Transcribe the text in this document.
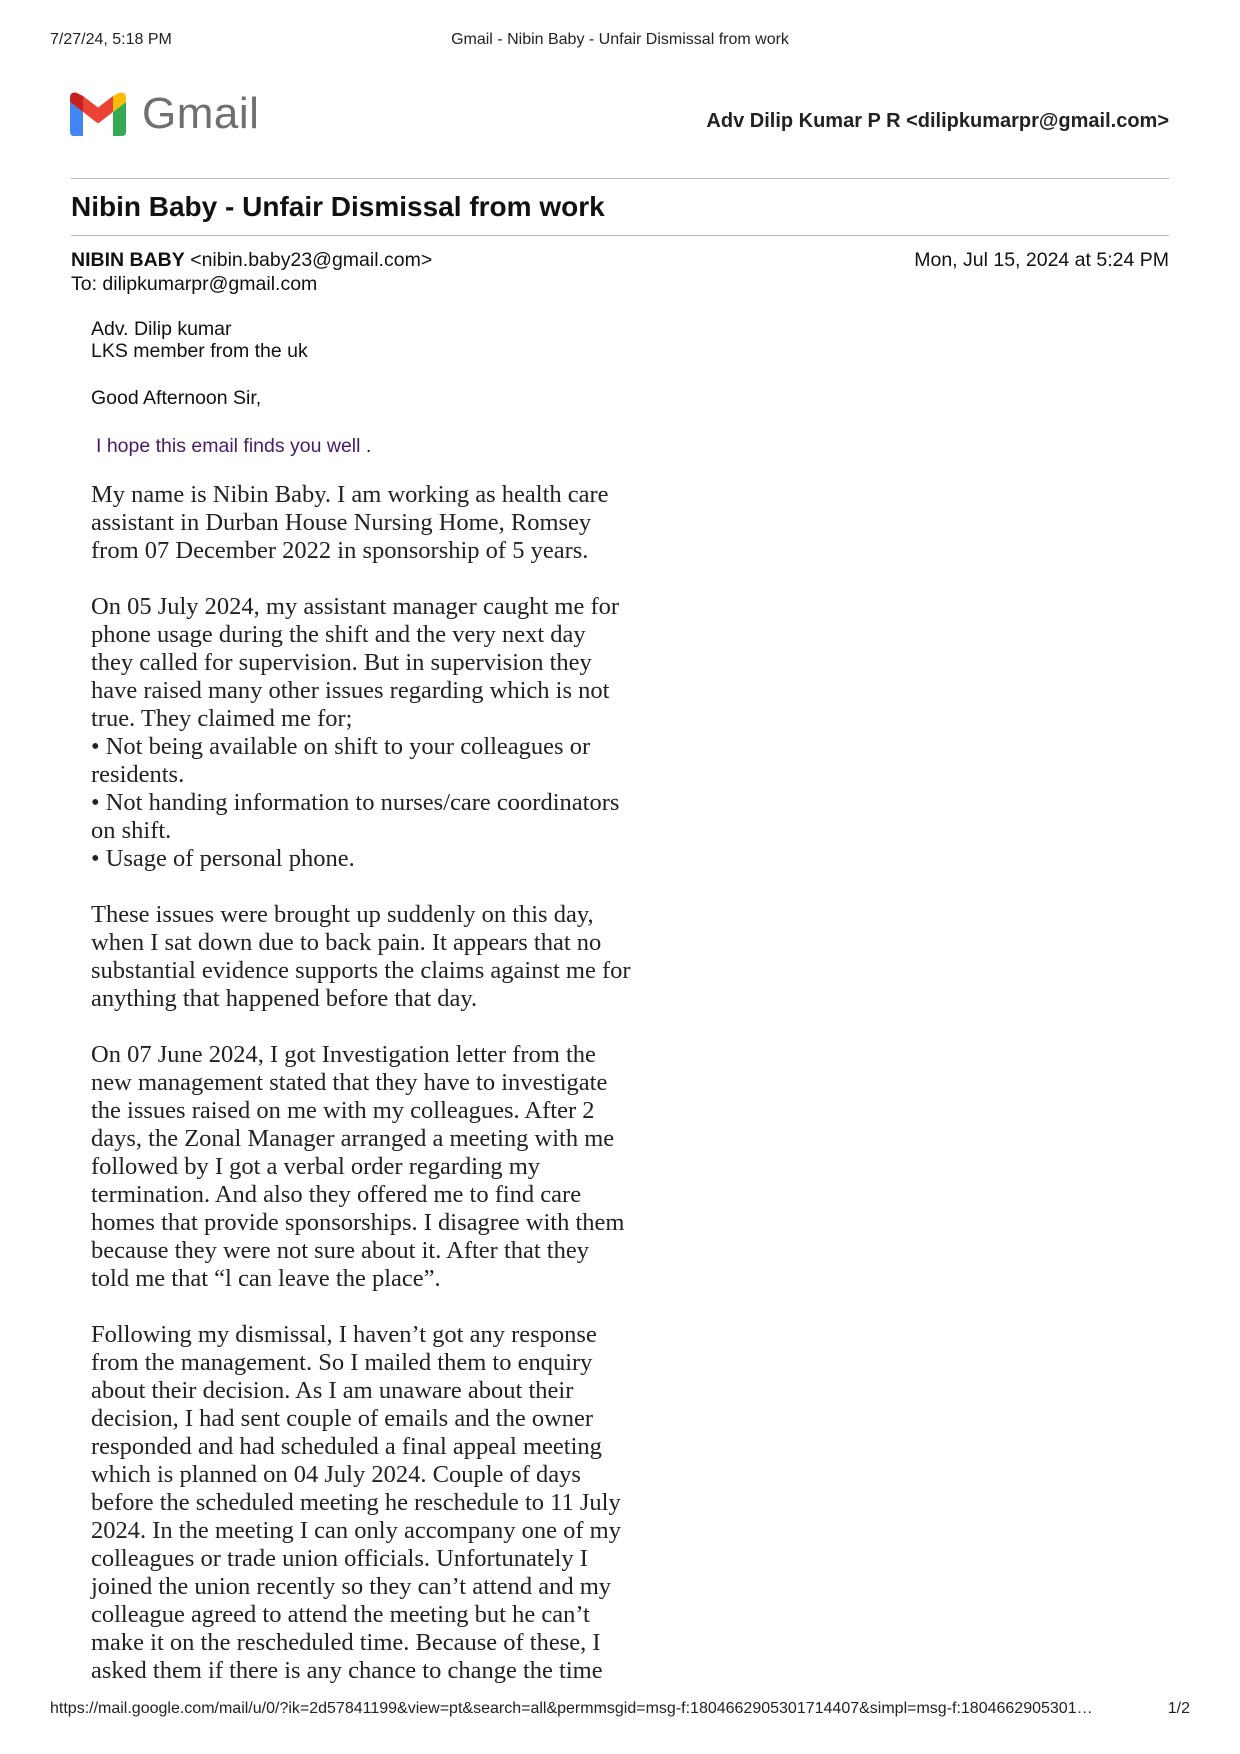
7/27/24, 5:18 PM	Gmail - Nibin Baby - Unfair Dismissal from work
Gmail	Adv Dilip Kumar P R <dilipkumarpr@gmail.com>
Nibin Baby - Unfair Dismissal from work
NIBIN BABY <nibin.baby23@gmail.com>	Mon, Jul 15, 2024 at 5:24 PM
To: dilipkumarpr@gmail.com
Adv. Dilip kumar
LKS member from the uk
Good Afternoon Sir,
I hope this email finds you well .
My name is Nibin Baby. I am working as health care
assistant in Durban House Nursing Home, Romsey
from 07 December 2022 in sponsorship of 5 years.
On 05 July 2024, my assistant manager caught me for
phone usage during the shift and the very next day
they called for supervision. But in supervision they
have raised many other issues regarding which is not
true. They claimed me for;
• Not being available on shift to your colleagues or
residents.
• Not handing information to nurses/care coordinators
on shift.
• Usage of personal phone.
These issues were brought up suddenly on this day,
when I sat down due to back pain. It appears that no
substantial evidence supports the claims against me for
anything that happened before that day.
On 07 June 2024, I got Investigation letter from the
new management stated that they have to investigate
the issues raised on me with my colleagues. After 2
days, the Zonal Manager arranged a meeting with me
followed by I got a verbal order regarding my
termination. And also they offered me to find care
homes that provide sponsorships. I disagree with them
because they were not sure about it. After that they
told me that “l can leave the place”.
Following my dismissal, I haven’t got any response
from the management. So I mailed them to enquiry
about their decision. As I am unaware about their
decision, I had sent couple of emails and the owner
responded and had scheduled a final appeal meeting
which is planned on 04 July 2024. Couple of days
before the scheduled meeting he reschedule to 11 July
2024. In the meeting I can only accompany one of my
colleagues or trade union officials. Unfortunately I
joined the union recently so they can’t attend and my
colleague agreed to attend the meeting but he can’t
make it on the rescheduled time. Because of these, I
asked them if there is any chance to change the time
https://mail.google.com/mail/u/0/?ik=2d57841199&view=pt&search=all&permmsgid=msg-f:1804662905301714407&simpl=msg-f:1804662905301…	1/2
